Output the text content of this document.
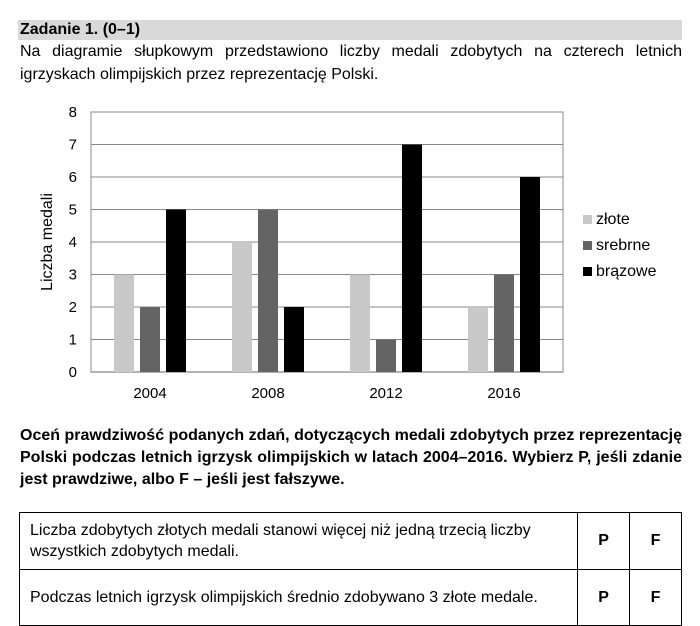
Zadanie 1. (0–1)
Na diagramie słupkowym przedstawiono liczby medali zdobytych na czterech letnich igrzyskach olimpijskich przez reprezentację Polski.
0
1
2
3
4
5
6
7
8
2004	2008	2012	2016
Liczba medali	złote
srebrne
brązowe
Oceń prawdziwość podanych zdań, dotyczących medali zdobytych przez reprezentację Polski podczas letnich igrzysk olimpijskich w latach 2004–2016. Wybierz P, jeśli zdanie jest prawdziwe, albo F – jeśli jest fałszywe.
Liczba zdobytych złotych medali stanowi więcej niż jedną trzecią liczby wszystkich zdobytych medali.	P	F
Podczas letnich igrzysk olimpijskich średnio zdobywano 3 złote medale.	P	F
